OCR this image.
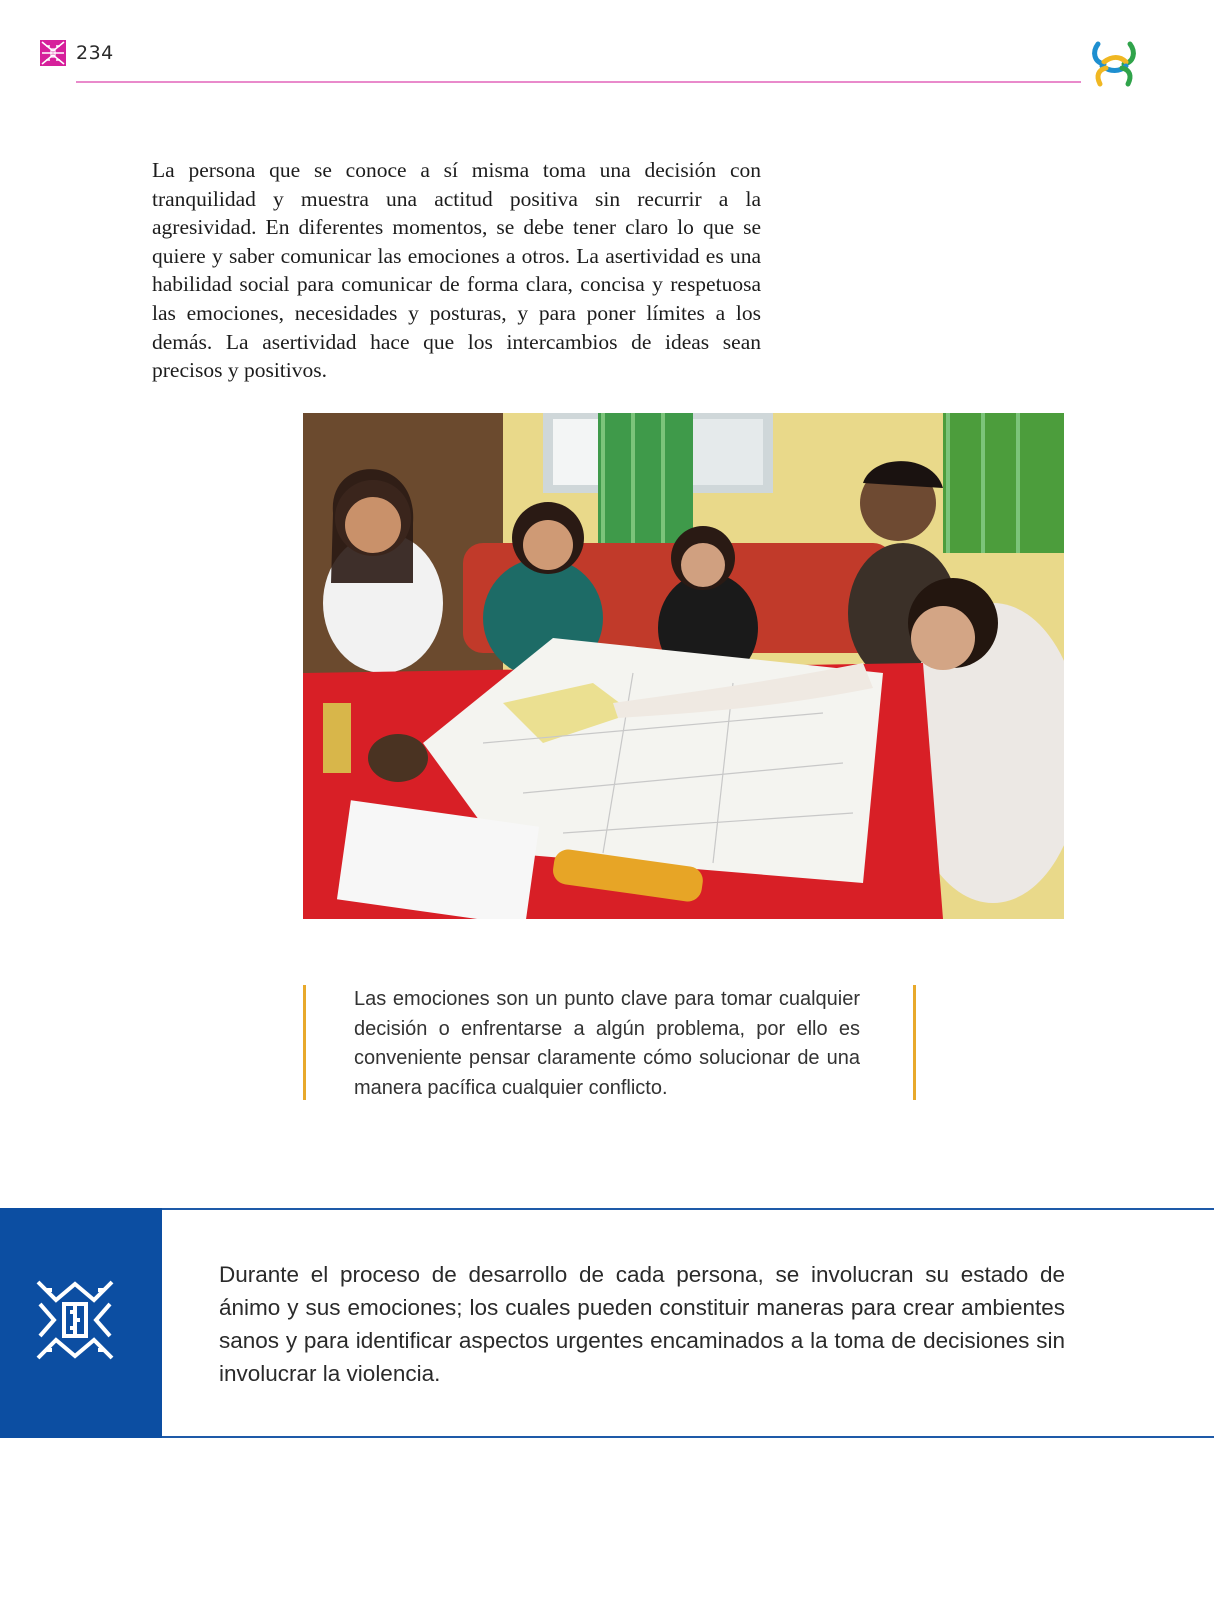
234

La persona que se conoce a sí misma toma una decisión con tranquilidad y muestra una actitud positiva sin recurrir a la agresividad. En diferentes momentos, se debe tener claro lo que se quiere y saber comunicar las emociones a otros. La asertividad es una habilidad social para comunicar de forma clara, concisa y respetuosa las emociones, necesidades y posturas, y para poner límites a los demás. La asertividad hace que los intercambios de ideas sean precisos y positivos.

Las emociones son un punto clave para tomar cualquier decisión o enfrentarse a algún problema, por ello es conveniente pensar claramente cómo solucionar de una manera pacífica cualquier conflicto.

Durante el proceso de desarrollo de cada persona, se involucran su estado de ánimo y sus emociones; los cuales pueden constituir maneras para crear ambientes sanos y para identificar aspectos urgentes encaminados a la toma de decisiones sin involucrar la violencia.
